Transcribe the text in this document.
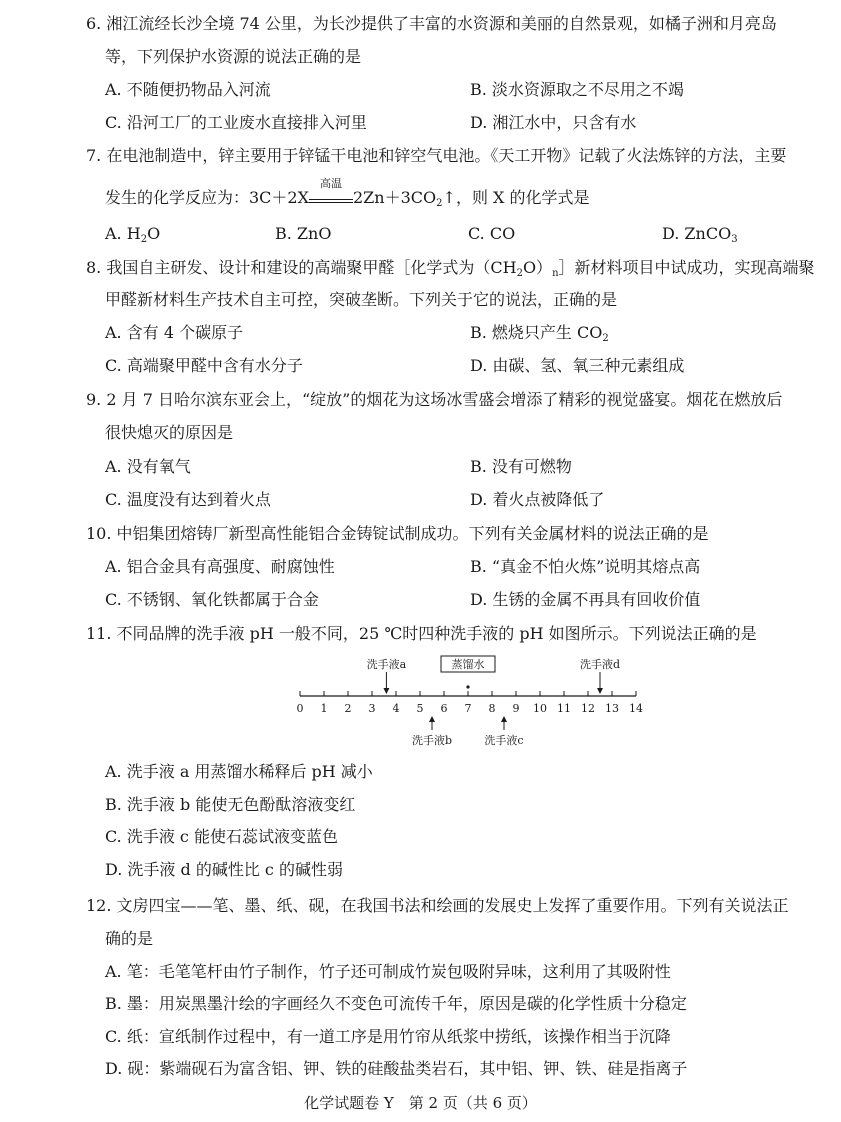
6. 湘江流经长沙全境 74 公里，为长沙提供了丰富的水资源和美丽的自然景观，如橘子洲和月亮岛
等，下列保护水资源的说法正确的是
A. 不随便扔物品入河流	B. 淡水资源取之不尽用之不竭
C. 沿河工厂的工业废水直接排入河里	D. 湘江水中，只含有水
7. 在电池制造中，锌主要用于锌锰干电池和锌空气电池。《天工开物》记载了火法炼锌的方法，主要
发生的化学反应为：3C＋2X
高温
$2Zn+3CO_2↑$，则 X 的化学式是
A. $H_2O$	B. ZnO	C. CO	D. ZnCO$_3$
8. 我国自主研发、设计和建设的高端聚甲醛［化学式为$(CH_2O)_n]$新材料项目中试成功，实现高端聚
甲醛新材料生产技术自主可控，突破垄断。下列关于它的说法，正确的是
A. 含有 4 个碳原子	B. 燃烧只产生 $CO_2$
C. 高端聚甲醛中含有水分子	D. 由碳、氢、氧三种元素组成
9. 2 月 7 日哈尔滨东亚会上，“绽放”的烟花为这场冰雪盛会增添了精彩的视觉盛宴。烟花在燃放后
很快熄灭的原因是
A. 没有氧气	B. 没有可燃物
C. 温度没有达到着火点	D. 着火点被降低了
10. 中铝集团熔铸厂新型高性能铝合金铸锭试制成功。下列有关金属材料的说法正确的是
A. 铝合金具有高强度、耐腐蚀性	B. “真金不怕火炼”说明其熔点高
C. 不锈钢、氧化铁都属于合金	D. 生锈的金属不再具有回收价值
11. 不同品牌的洗手液 pH 一般不同，25 ℃时四种洗手液的 pH 如图所示。下列说法正确的是
0 1 2 3 4 5 6 7 8 9 10 11 12 13 14
洗手液a	洗手液d
蒸馏水
洗手液b	洗手液c
A. 洗手液 a 用蒸馏水稀释后 pH 减小
B. 洗手液 b 能使无色酚酞溶液变红
C. 洗手液 c 能使石蕊试液变蓝色
D. 洗手液 d 的碱性比 c 的碱性弱
12. 文房四宝——笔、墨、纸、砚，在我国书法和绘画的发展史上发挥了重要作用。下列有关说法正
确的是
A. 笔：毛笔笔杆由竹子制作，竹子还可制成竹炭包吸附异味，这利用了其吸附性
B. 墨：用炭黑墨汁绘的字画经久不变色可流传千年，原因是碳的化学性质十分稳定
C. 纸：宣纸制作过程中，有一道工序是用竹帘从纸浆中捞纸，该操作相当于沉降
D. 砚：紫端砚石为富含铝、钾、铁的硅酸盐类岩石，其中铝、钾、铁、硅是指离子
化学试题卷 Y　第 2 页（共 6 页）
